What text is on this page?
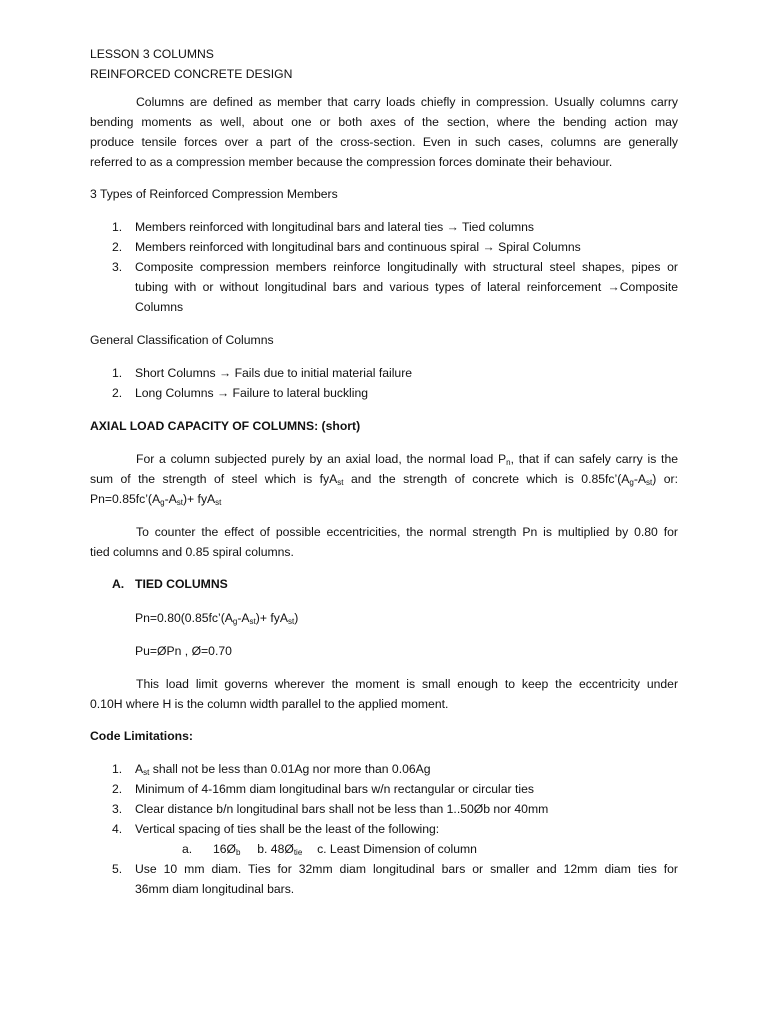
LESSON 3 COLUMNS
REINFORCED CONCRETE DESIGN
Columns are defined as member that carry loads chiefly in compression. Usually columns carry
bending moments as well, about one or both axes of the section, where the bending action may
produce tensile forces over a part of the cross-section. Even in such cases, columns are generally
referred to as a compression member because the compression forces dominate their behaviour.
3 Types of Reinforced Compression Members
1.	Members reinforced with longitudinal bars and lateral ties → Tied columns
2.	Members reinforced with longitudinal bars and continuous spiral → Spiral Columns
3.	Composite compression members reinforce longitudinally with structural steel shapes, pipes or
tubing with or without longitudinal bars and various types of lateral reinforcement →Composite
Columns
General Classification of Columns
1.	Short Columns → Fails due to initial material failure
2.	Long Columns → Failure to lateral buckling
AXIAL LOAD CAPACITY OF COLUMNS: (short)
For a column subjected purely by an axial load, the normal load $P_n$, that if can safely carry is the
sum of the strength of steel which is fyA$_{st}$ and the strength of concrete which is $0.85fc’(A_g-A_{st})$ or:
$Pn=0.85fc’(A_g-A_{st})+ fyA_{st}$
To counter the effect of possible eccentricities, the normal strength Pn is multiplied by 0.80 for
tied columns and 0.85 spiral columns.
A. TIED COLUMNS
$Pn=0.80(0.85fc’(A_g-A_{st})+ fyA_{st})$
Pu=ØPn , Ø=0.70
This load limit governs wherever the moment is small enough to keep the eccentricity under
0.10H where H is the column width parallel to the applied moment.
Code Limitations:
1.	$A_{st}$ shall not be less than 0.01Ag nor more than 0.06Ag
2.	Minimum of 4-16mm diam longitudinal bars w/n rectangular or circular ties
3.	Clear distance b/n longitudinal bars shall not be less than 1..50Øb nor 40mm
4.	Vertical spacing of ties shall be the least of the following:
a. $16Ø_b$ b. $48Ø_{tie}$ c. Least Dimension of column
5.	Use 10 mm diam. Ties for 32mm diam longitudinal bars or smaller and 12mm diam ties for
36mm diam longitudinal bars.
